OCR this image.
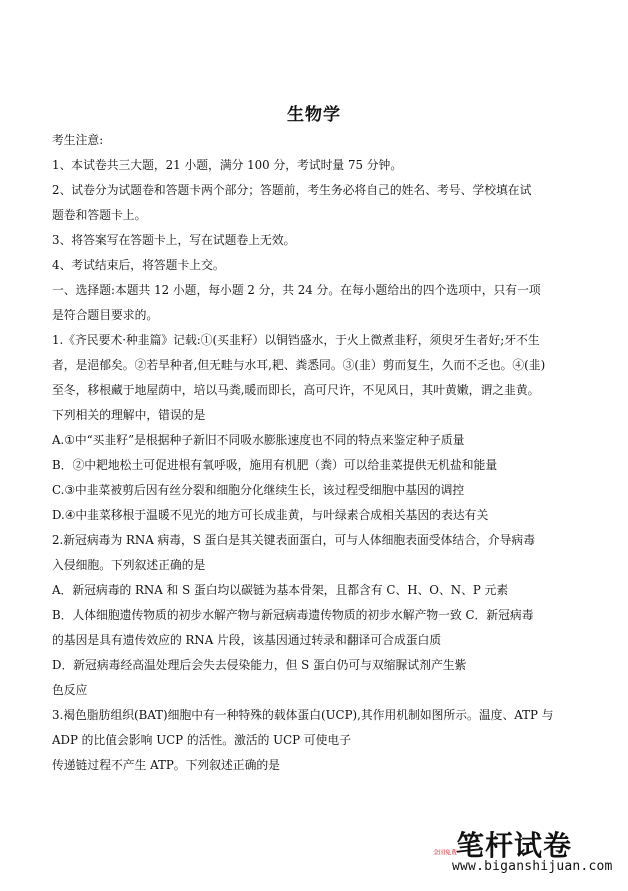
生物学
考生注意:
1、本试卷共三大题，21 小题，满分 100 分，考试时量 75 分钟。
2、试卷分为试题卷和答题卡两个部分；答题前，考生务必将自己的姓名、考号、学校填在试
题卷和答题卡上。
3、将答案写在答题卡上，写在试题卷上无效。
4、考试结束后，将答题卡上交。
一、选择题:本题共 12 小题，每小题 2 分，共 24 分。在每小题给出的四个选项中，只有一项
是符合题目要求的。
1.《齐民要术·种韭篇》记载:①(买韭籽）以铜铛盛水，于火上微煮韭籽，须臾牙生者好;牙不生
者，是浥郁矣。②若旱种者,但无畦与水耳,耙、粪悉同。③(韭）剪而复生，久而不乏也。④(韭)
至冬，移根藏于地屋荫中，培以马粪,暖而即长，高可尺许，不见风日，其叶黄嫩，谓之韭黄。
下列相关的理解中，错误的是
A.①中“买韭籽”是根据种子新旧不同吸水膨胀速度也不同的特点来鉴定种子质量
B．②中耙地松土可促进根有氧呼吸，施用有机肥（粪）可以给韭菜提供无机盐和能量
C.③中韭菜被剪后因有丝分裂和细胞分化继续生长，该过程受细胞中基因的调控
D.④中韭菜移根于温暖不见光的地方可长成韭黄，与叶绿素合成相关基因的表达有关
2.新冠病毒为 RNA 病毒，S 蛋白是其关键表面蛋白，可与人体细胞表面受体结合，介导病毒
入侵细胞。下列叙述正确的是
A．新冠病毒的 RNA 和 S 蛋白均以碳链为基本骨架，且都含有 C、H、O、N、P 元素
B．人体细胞遗传物质的初步水解产物与新冠病毒遗传物质的初步水解产物一致 C．新冠病毒
的基因是具有遗传效应的 RNA 片段，该基因通过转录和翻译可合成蛋白质
D．新冠病毒经高温处理后会失去侵染能力，但 S 蛋白仍可与双缩脲试剂产生紫
色反应
3.褐色脂肪组织(BAT)细胞中有一种特殊的载体蛋白(UCP),其作用机制如图所示。温度、ATP 与
ADP 的比值会影响 UCP 的活性。激活的 UCP 可使电子
传递链过程不产生 ATP。下列叙述正确的是
笔杆试卷
全国免费
www.biganshijuan.com
